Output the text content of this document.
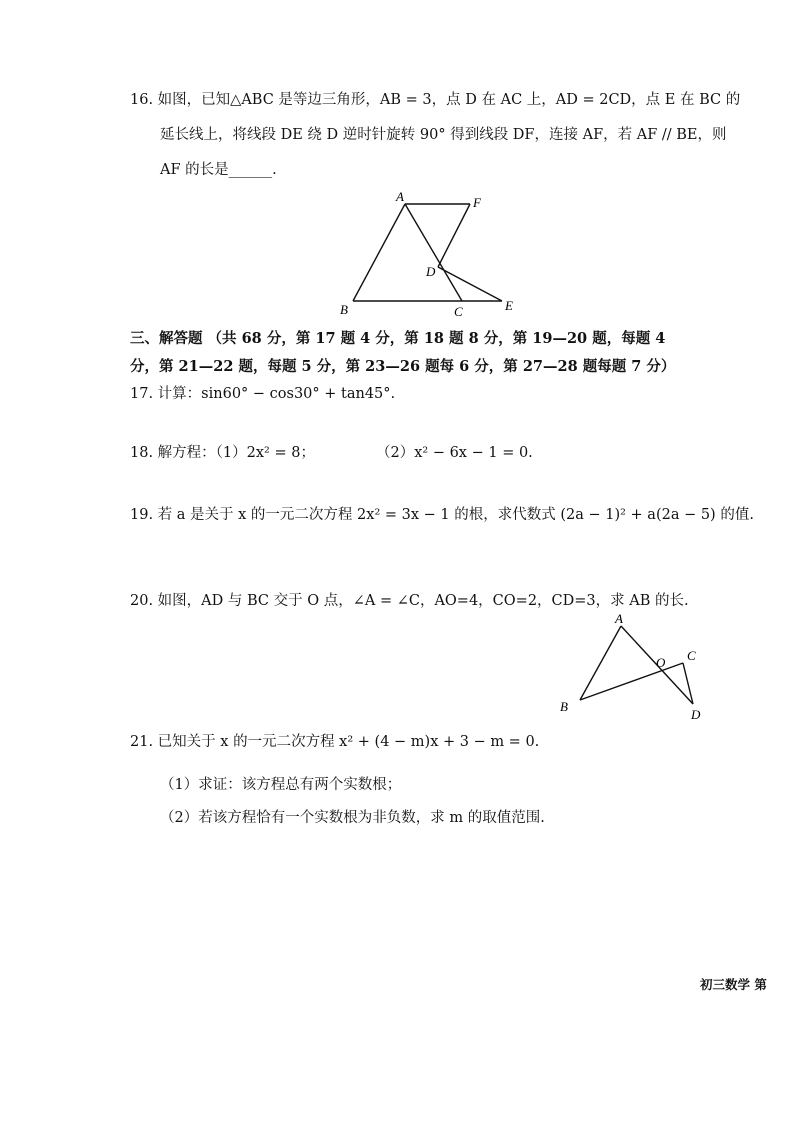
16. 如图，已知△ABC 是等边三角形，AB = 3，点 D 在 AC 上，AD = 2CD，点 E 在 BC 的
延长线上，将线段 DE 绕 D 逆时针旋转 90° 得到线段 DF，连接 AF，若 AF // BE，则
AF 的长是______.
A	F
D
B	C	E
三、解答题 （共 68 分，第 17 题 4 分，第 18 题 8 分，第 19—20 题，每题 4
分，第 21—22 题，每题 5 分，第 23—26 题每 6 分，第 27—28 题每题 7 分）
17. 计算：sin60° − cos30° + tan45°.
18. 解方程：（1）2x² = 8；	（2）x² − 6x − 1 = 0.
19. 若 a 是关于 x 的一元二次方程 2x² = 3x − 1 的根，求代数式 (2a − 1)² + a(2a − 5) 的值.
20. 如图，AD 与 BC 交于 O 点，∠A = ∠C，AO=4，CO=2，CD=3，求 AB 的长.
A
O C
B
D
21. 已知关于 x 的一元二次方程 x² + (4 − m)x + 3 − m = 0.
（1）求证：该方程总有两个实数根；
（2）若该方程恰有一个实数根为非负数，求 m 的取值范围.
初三数学 第
